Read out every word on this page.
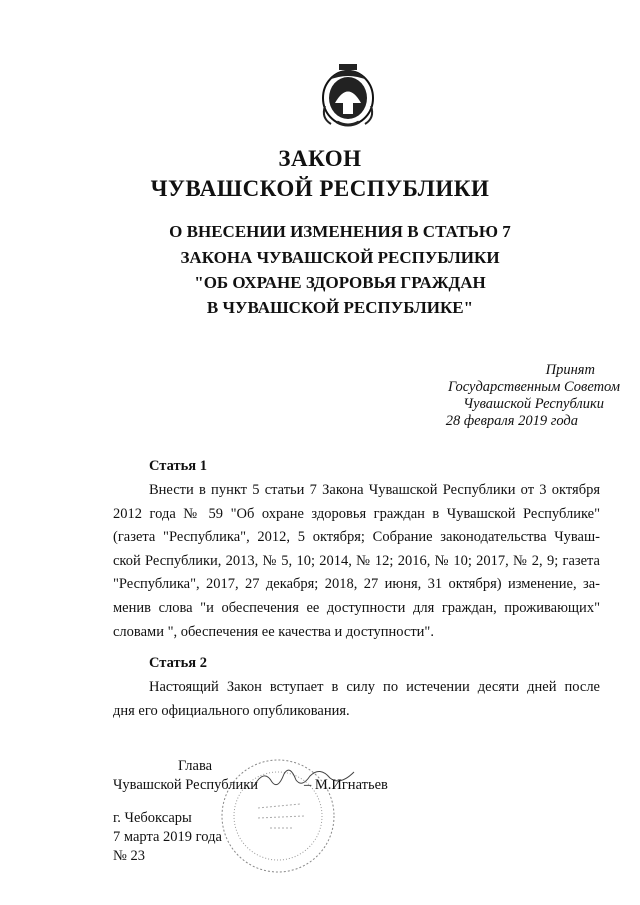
ЗАКОН
ЧУВАШСКОЙ РЕСПУБЛИКИ
О ВНЕСЕНИИ ИЗМЕНЕНИЯ В СТАТЬЮ 7
ЗАКОНА ЧУВАШСКОЙ РЕСПУБЛИКИ
"ОБ ОХРАНЕ ЗДОРОВЬЯ ГРАЖДАН
В ЧУВАШСКОЙ РЕСПУБЛИКЕ"
Принят
Государственным Советом
Чувашской Республики
28 февраля 2019 года
Статья 1
Внести в пункт 5 статьи 7 Закона Чувашской Республики от 3 октября
2012 года № 59 "Об охране здоровья граждан в Чувашской Республике"
(газета "Республика", 2012, 5 октября; Собрание законодательства Чуваш-
ской Республики, 2013, № 5, 10; 2014, № 12; 2016, № 10; 2017, № 2, 9; газета
"Республика", 2017, 27 декабря; 2018, 27 июня, 31 октября) изменение, за-
менив слова "и обеспечения ее доступности для граждан, проживающих"
словами ", обеспечения ее качества и доступности".
Статья 2
Настоящий Закон вступает в силу по истечении десяти дней после
дня его официального опубликования.
Глава
Чувашской Республики	– М.Игнатьев
г. Чебоксары
7 марта 2019 года
№ 23
